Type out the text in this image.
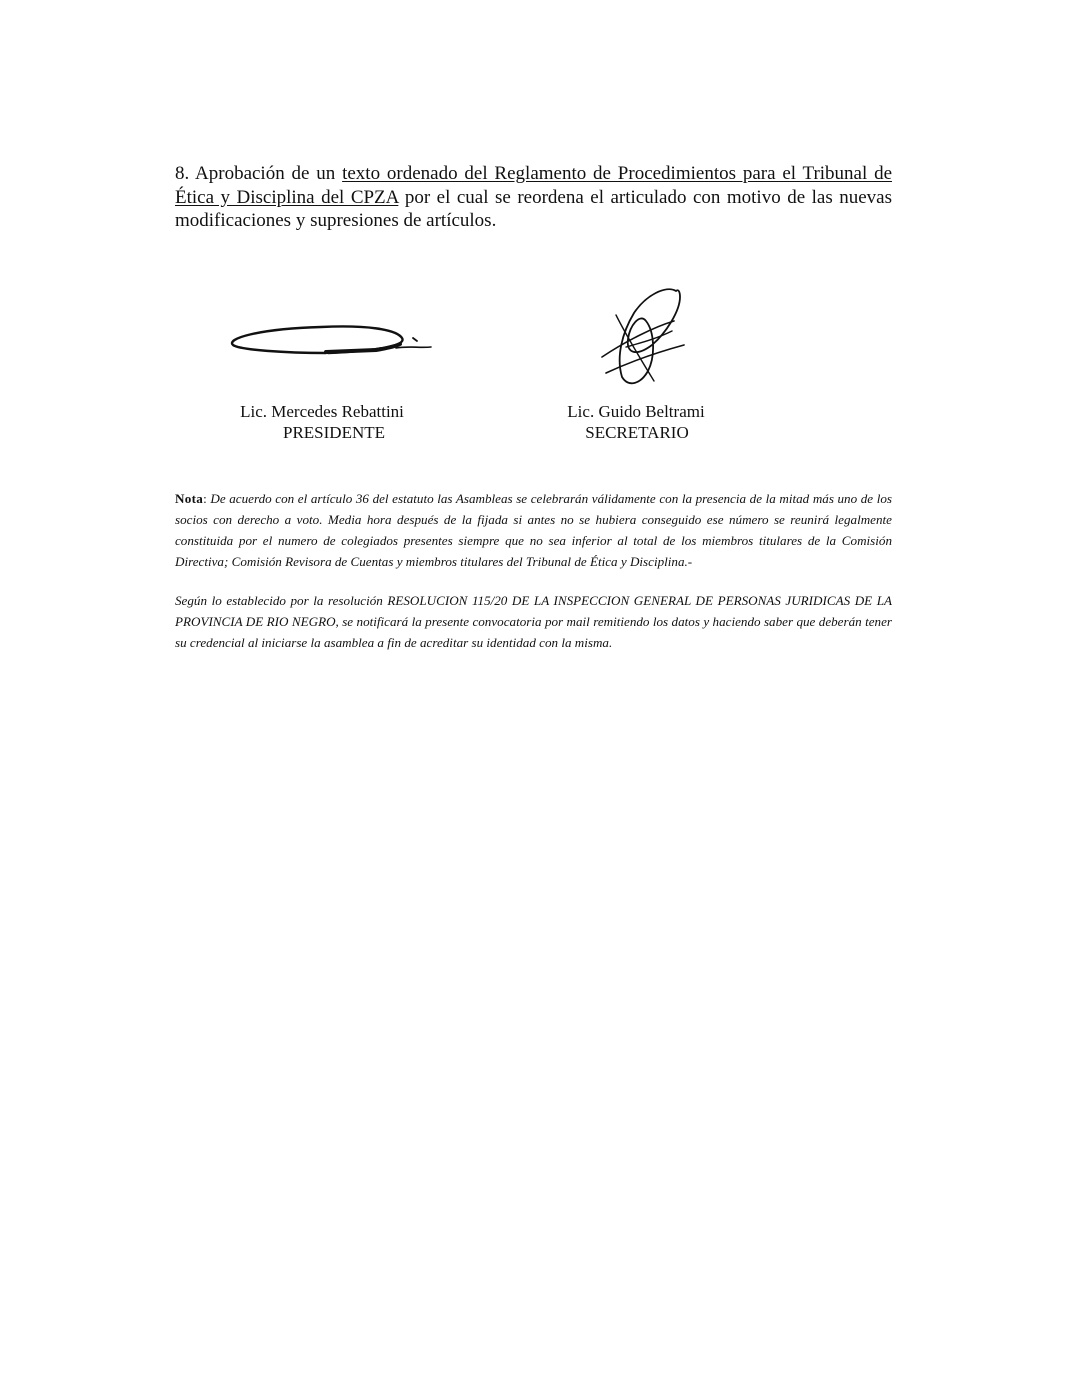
8. Aprobación de un texto ordenado del Reglamento de Procedimientos para el Tribunal de Ética y Disciplina del CPZA por el cual se reordena el articulado con motivo de las nuevas modificaciones y supresiones de artículos.

Lic. Mercedes Rebattini
PRESIDENTE
Lic. Guido Beltrami
SECRETARIO

Nota: De acuerdo con el artículo 36 del estatuto las Asambleas se celebrarán válidamente con la presencia de la mitad más uno de los socios con derecho a voto. Media hora después de la fijada si antes no se hubiera conseguido ese número se reunirá legalmente constituida por el numero de colegiados presentes siempre que no sea inferior al total de los miembros titulares de la Comisión Directiva; Comisión Revisora de Cuentas y miembros titulares del Tribunal de Ética y Disciplina.-

Según lo establecido por la resolución RESOLUCION 115/20 DE LA INSPECCION GENERAL DE PERSONAS JURIDICAS DE LA PROVINCIA DE RIO NEGRO, se notificará la presente convocatoria por mail remitiendo los datos y haciendo saber que deberán tener su credencial al iniciarse la asamblea a fin de acreditar su identidad con la misma.
